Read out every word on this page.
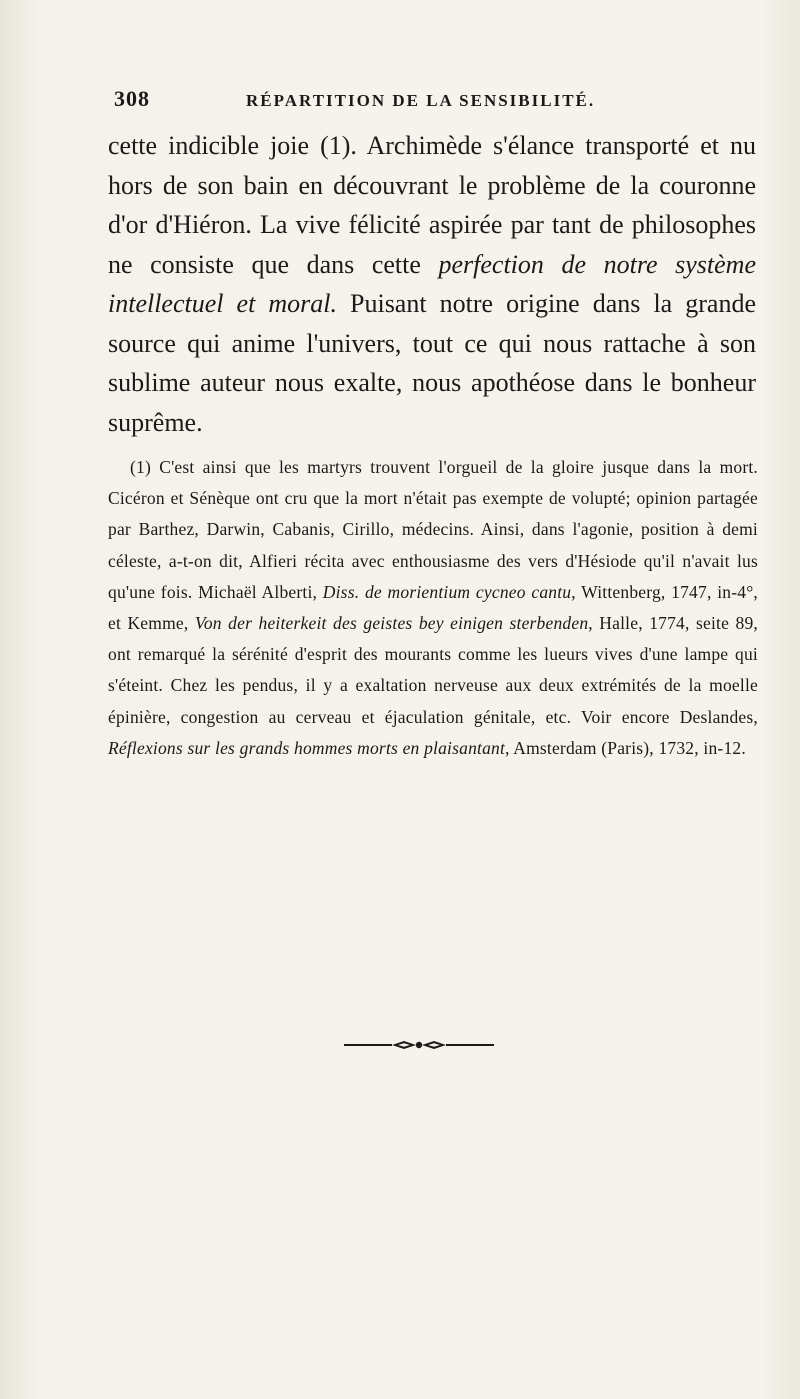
308	RÉPARTITION DE LA SENSIBILITÉ.

cette indicible joie (1). Archimède s'élance transporté et nu hors de son bain en découvrant le problème de la couronne d'or d'Hiéron. La vive félicité aspirée par tant de philosophes ne consiste que dans cette perfection de notre système intellectuel et moral. Puisant notre origine dans la grande source qui anime l'univers, tout ce qui nous rattache à son sublime auteur nous exalte, nous apothéose dans le bonheur suprême.

(1) C'est ainsi que les martyrs trouvent l'orgueil de la gloire jusque dans la mort. Cicéron et Sénèque ont cru que la mort n'était pas exempte de volupté; opinion partagée par Barthez, Darwin, Cabanis, Cirillo, médecins. Ainsi, dans l'agonie, position à demi céleste, a-t-on dit, Alfieri récita avec enthousiasme des vers d'Hésiode qu'il n'avait lus qu'une fois. Michaël Alberti, Diss. de morientium cycneo cantu, Wittenberg, 1747, in-4°, et Kemme, Von der heiterkeit des geistes bey einigen sterbenden, Halle, 1774, seite 89, ont remarqué la sérénité d'esprit des mourants comme les lueurs vives d'une lampe qui s'éteint. Chez les pendus, il y a exaltation nerveuse aux deux extrémités de la moelle épinière, congestion au cerveau et éjaculation génitale, etc. Voir encore Deslandes, Réflexions sur les grands hommes morts en plaisantant, Amsterdam (Paris), 1732, in-12.
